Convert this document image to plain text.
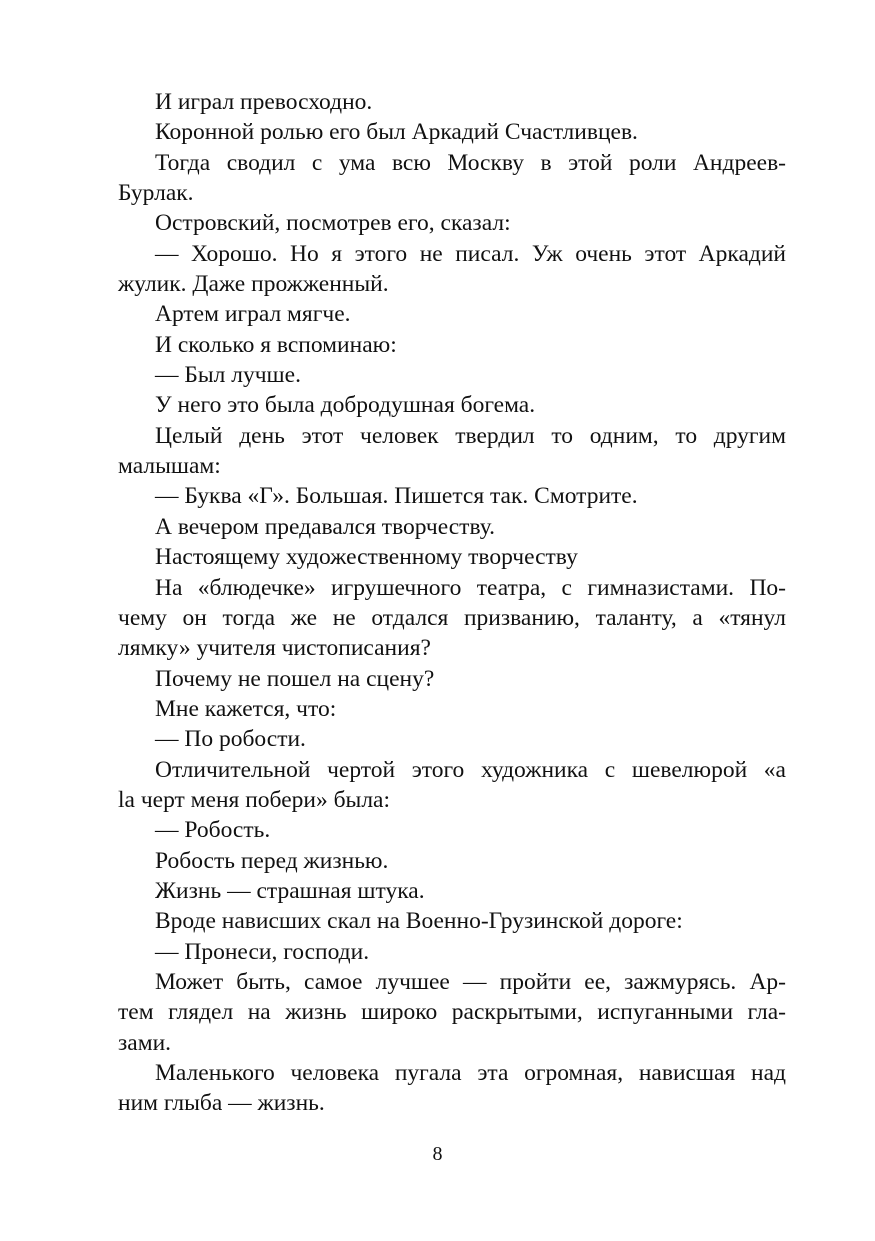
И играл превосходно.

Коронной ролью его был Аркадий Счастливцев.

Тогда сводил с ума всю Москву в этой роли Андреев-
Бурлак.

Островский, посмотрев его, сказал:

— Хорошо. Но я этого не писал. Уж очень этот Аркадий
жулик. Даже прожженный.

Артем играл мягче.

И сколько я вспоминаю:

— Был лучше.

У него это была добродушная богема.

Целый день этот человек твердил то одним, то другим
малышам:

— Буква «Г». Большая. Пишется так. Смотрите.

А вечером предавался творчеству.

Настоящему художественному творчеству

На «блюдечке» игрушечного театра, с гимназистами. По-
чему он тогда же не отдался призванию, таланту, а «тянул
лямку» учителя чистописания?

Почему не пошел на сцену?

Мне кажется, что:

— По робости.

Отличительной чертой этого художника с шевелюрой «а
la черт меня побери» была:

— Робость.

Робость перед жизнью.

Жизнь — страшная штука.

Вроде нависших скал на Военно-Грузинской дороге:

— Пронеси, господи.

Может быть, самое лучшее — пройти ее, зажмурясь. Ар-
тем глядел на жизнь широко раскрытыми, испуганными гла-
зами.

Маленького человека пугала эта огромная, нависшая над
ним глыба — жизнь.

8
